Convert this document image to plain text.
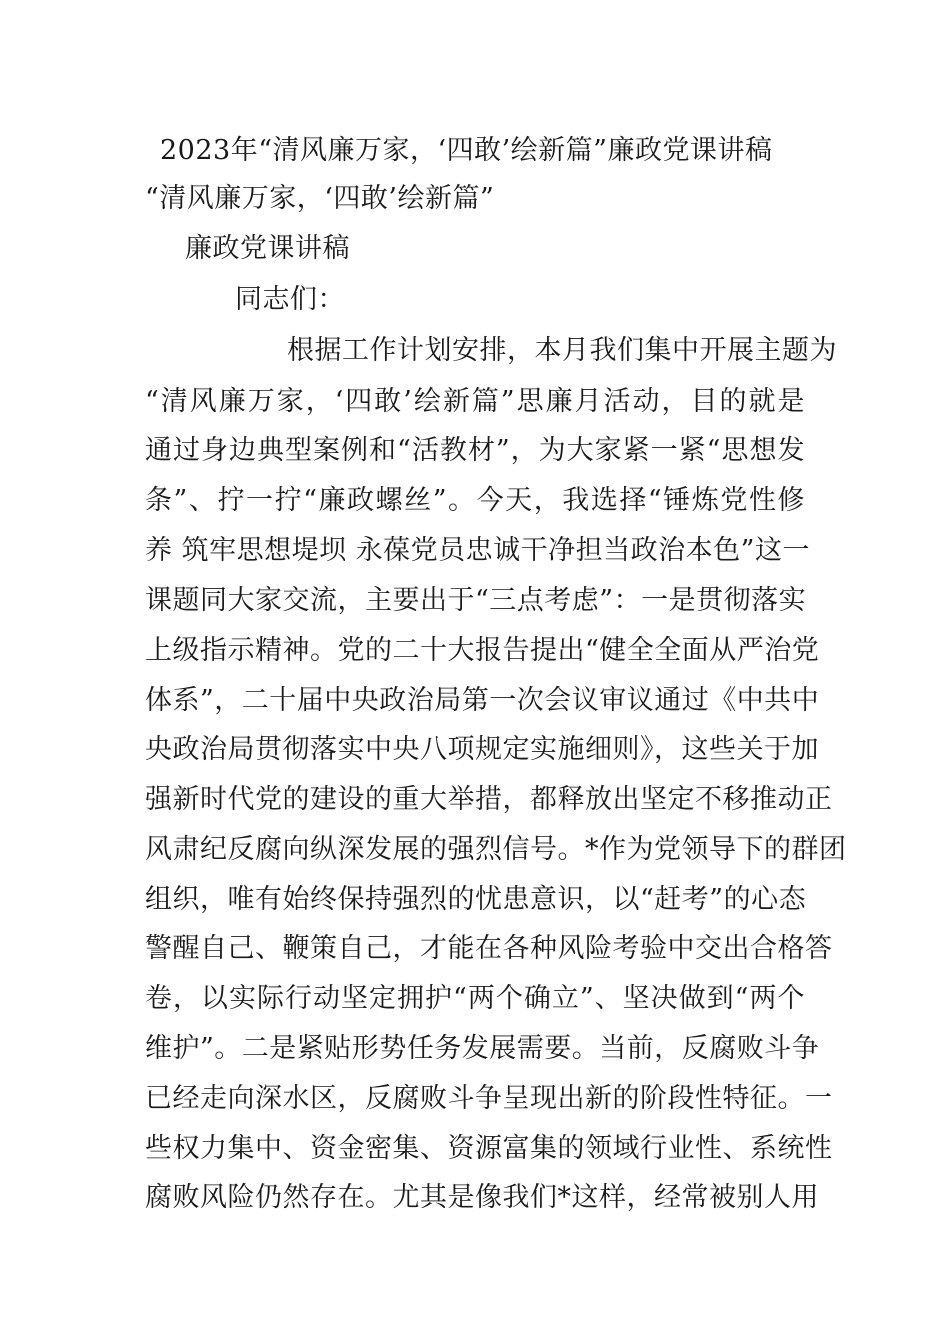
2023年“清风廉万家，‘四敢’绘新篇”廉政党课讲稿
“清风廉万家，‘四敢’绘新篇”
廉政党课讲稿
同志们：
根据工作计划安排，本月我们集中开展主题为
“清风廉万家，‘四敢’绘新篇”思廉月活动，目的就是
通过身边典型案例和“活教材”，为大家紧一紧“思想发
条”、拧一拧“廉政螺丝”。今天，我选择“锤炼党性修
养 筑牢思想堤坝 永葆党员忠诚干净担当政治本色”这一
课题同大家交流，主要出于“三点考虑”：一是贯彻落实
上级指示精神。党的二十大报告提出“健全全面从严治党
体系”，二十届中央政治局第一次会议审议通过《中共中
央政治局贯彻落实中央八项规定实施细则》，这些关于加
强新时代党的建设的重大举措，都释放出坚定不移推动正
风肃纪反腐向纵深发展的强烈信号。*作为党领导下的群团
组织，唯有始终保持强烈的忧患意识，以“赶考”的心态
警醒自己、鞭策自己，才能在各种风险考验中交出合格答
卷，以实际行动坚定拥护“两个确立”、坚决做到“两个
维护”。二是紧贴形势任务发展需要。当前，反腐败斗争
已经走向深水区，反腐败斗争呈现出新的阶段性特征。一
些权力集中、资金密集、资源富集的领域行业性、系统性
腐败风险仍然存在。尤其是像我们*这样，经常被别人用
